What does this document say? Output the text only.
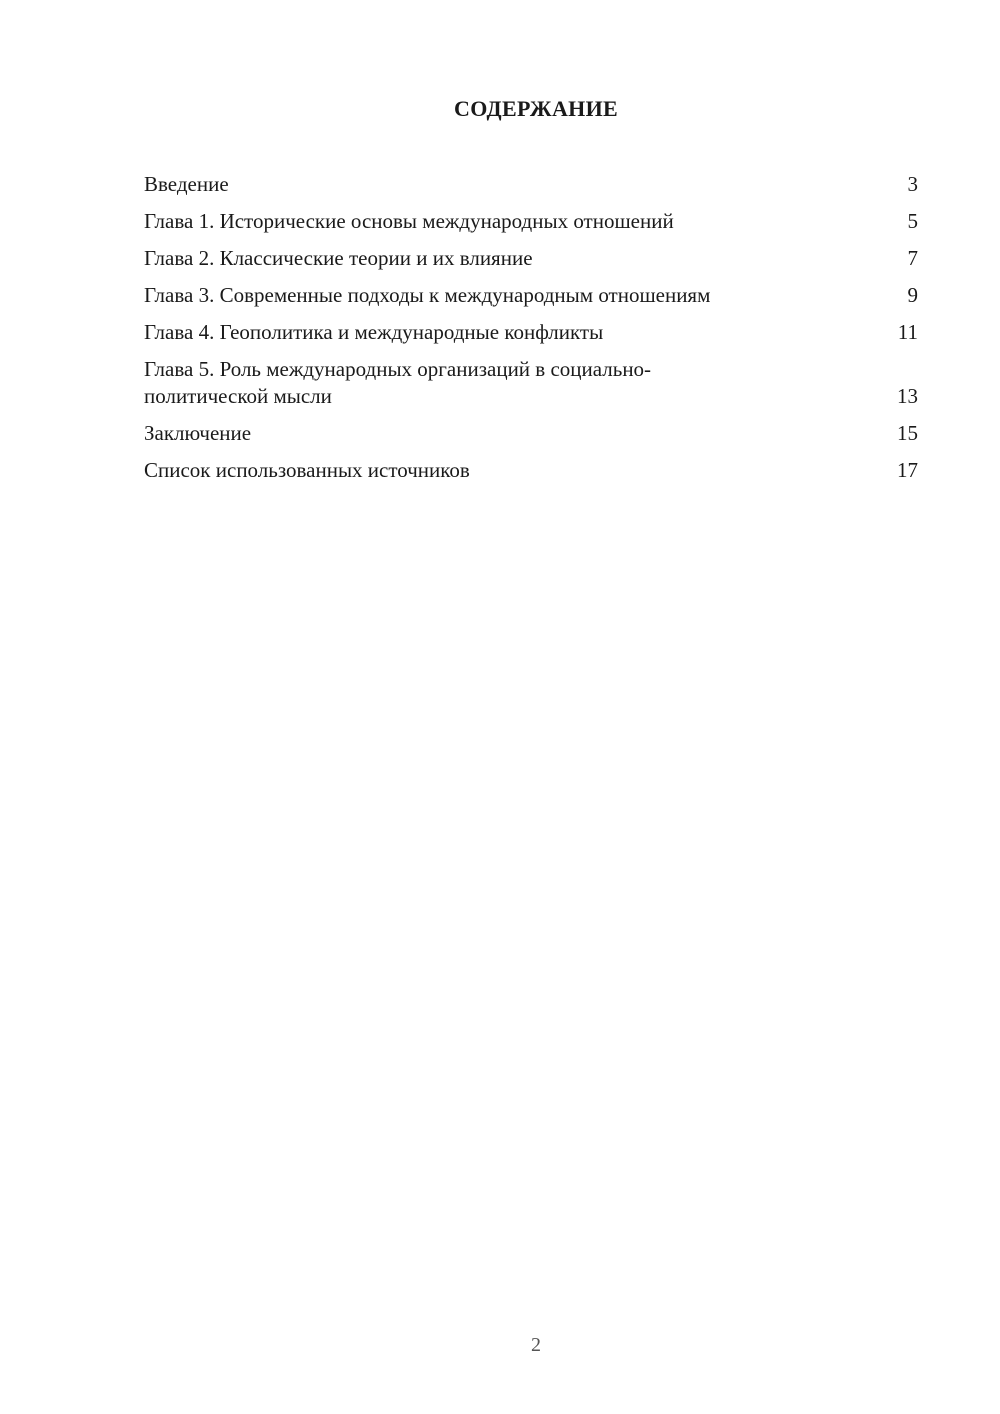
СОДЕРЖАНИЕ
Введение	3
Глава 1. Исторические основы международных отношений	5
Глава 2. Классические теории и их влияние	7
Глава 3. Современные подходы к международным отношениям	9
Глава 4. Геополитика и международные конфликты	11
Глава 5. Роль международных организаций в социально-политической мысли	13
Заключение	15
Список использованных источников	17
2
